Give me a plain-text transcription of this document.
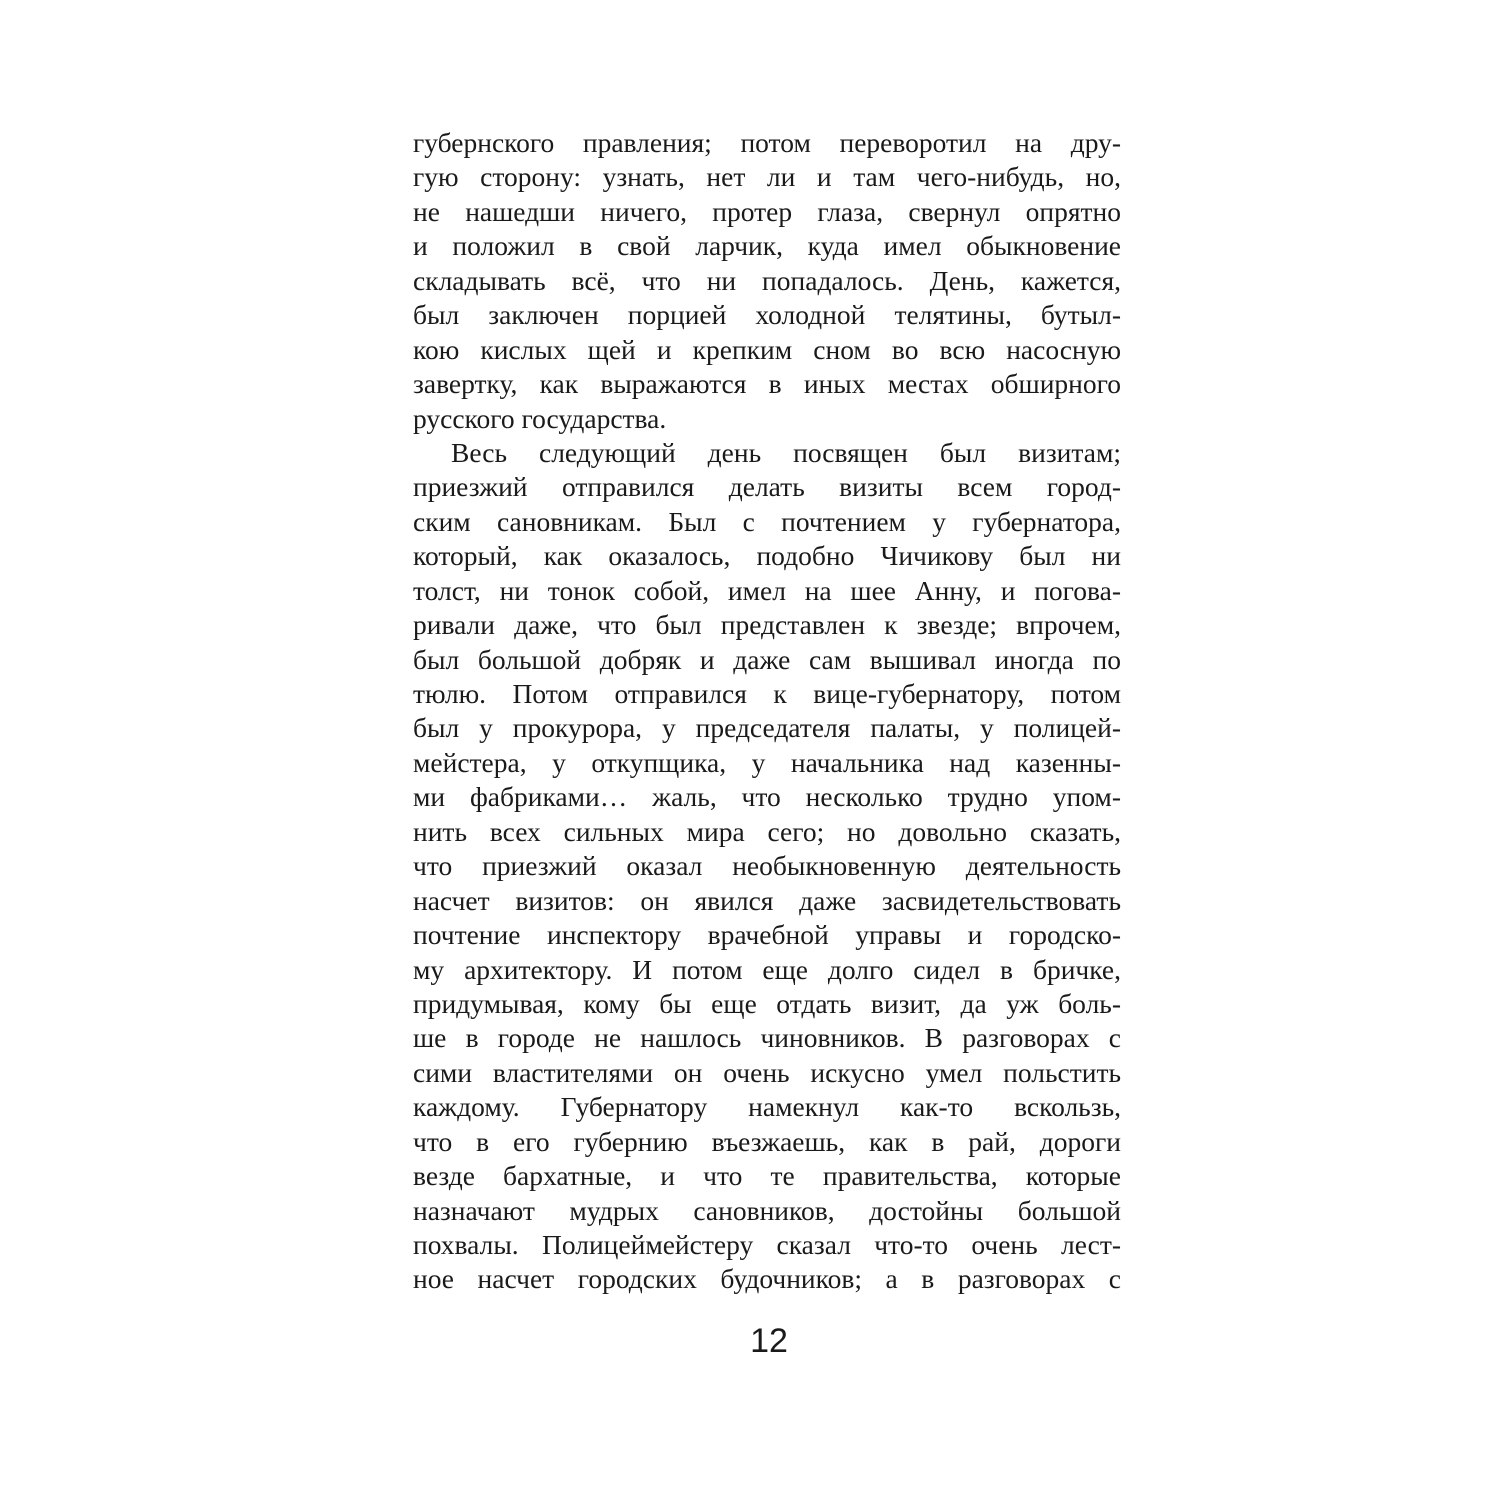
губернского правления; потом переворотил на дру-
гую сторону: узнать, нет ли и там чего-нибудь, но,
не нашедши ничего, протер глаза, свернул опрятно
и положил в свой ларчик, куда имел обыкновение
складывать всё, что ни попадалось. День, кажется,
был заключен порцией холодной телятины, бутыл-
кою кислых щей и крепким сном во всю насосную
завертку, как выражаются в иных местах обширного
русского государства.
Весь следующий день посвящен был визитам;
приезжий отправился делать визиты всем город-
ским сановникам. Был с почтением у губернатора,
который, как оказалось, подобно Чичикову был ни
толст, ни тонок собой, имел на шее Анну, и погова-
ривали даже, что был представлен к звезде; впрочем,
был большой добряк и даже сам вышивал иногда по
тюлю. Потом отправился к вице-губернатору, потом
был у прокурора, у председателя палаты, у полицей-
мейстера, у откупщика, у начальника над казенны-
ми фабриками… жаль, что несколько трудно упом-
нить всех сильных мира сего; но довольно сказать,
что приезжий оказал необыкновенную деятельность
насчет визитов: он явился даже засвидетельствовать
почтение инспектору врачебной управы и городско-
му архитектору. И потом еще долго сидел в бричке,
придумывая, кому бы еще отдать визит, да уж боль-
ше в городе не нашлось чиновников. В разговорах с
сими властителями он очень искусно умел польстить
каждому. Губернатору намекнул как-то вскользь,
что в его губернию въезжаешь, как в рай, дороги
везде бархатные, и что те правительства, которые
назначают мудрых сановников, достойны большой
похвалы. Полицеймейстеру сказал что-то очень лест-
ное насчет городских будочников; а в разговорах с
12
